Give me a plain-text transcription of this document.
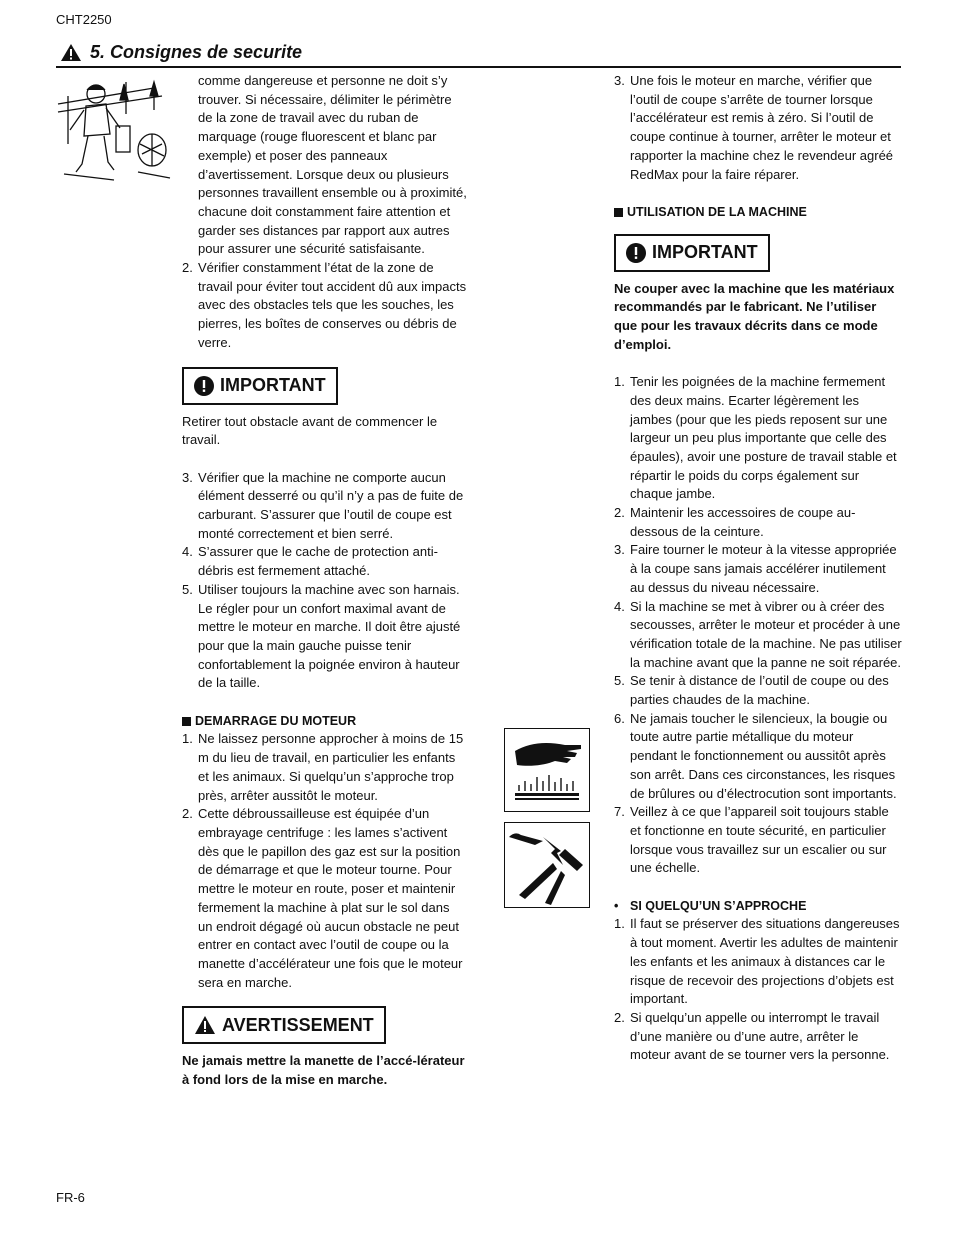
CHT2250
5. Consignes de securite

comme dangereuse et personne ne doit s’y trouver. Si nécessaire, délimiter le périmètre de la zone de travail avec du ruban de marquage (rouge fluorescent et blanc par exemple) et poser des panneaux d’avertissement. Lorsque deux ou plusieurs personnes travaillent ensemble ou à proximité, chacune doit constamment faire attention et garder ses distances par rapport aux autres pour assurer une sécurité satisfaisante.

2. Vérifier constamment l’état de la zone de travail pour éviter tout accident dû aux impacts avec des obstacles tels que les souches, les pierres, les boîtes de conserves ou débris de verre.
IMPORTANT

Retirer tout obstacle avant de commencer le travail.

3. Vérifier que la machine ne comporte aucun élément desserré ou qu’il n’y a pas de fuite de carburant. S’assurer que l’outil de coupe est monté correctement et bien serré.
4. S’assurer que le cache de protection anti-débris est fermement attaché.
5. Utiliser toujours la machine avec son harnais. Le régler pour un confort maximal avant de mettre le moteur en marche. Il doit être ajusté pour que la main gauche puisse tenir confortablement la poignée environ à hauteur de la taille.
DEMARRAGE DU MOTEUR
1. Ne laissez personne approcher à moins de 15 m du lieu de travail, en particulier les enfants et les animaux. Si quelqu’un s’approche trop près, arrêter aussitôt le moteur.
2. Cette débroussailleuse est équipée d’un embrayage centrifuge : les lames s’activent dès que le papillon des gaz est sur la position de démarrage et que le moteur tourne. Pour mettre le moteur en route, poser et maintenir fermement la machine à plat sur le sol dans un endroit dégagé où aucun obstacle ne peut entrer en contact avec l’outil de coupe ou la manette d’accélérateur une fois que le moteur sera en marche.
AVERTISSEMENT

Ne jamais mettre la manette de l’accé-lérateur à fond lors de la mise en marche.

3. Une fois le moteur en marche, vérifier que l’outil de coupe s’arrête de tourner lorsque l’accélérateur est remis à zéro. Si l’outil de coupe continue à tourner, arrêter le moteur et rapporter la machine chez le revendeur agréé RedMax pour la faire réparer.
UTILISATION DE LA MACHINE
IMPORTANT

Ne couper avec la machine que les matériaux recommandés par le fabricant. Ne l’utiliser que pour les travaux décrits dans ce mode d’emploi.

1. Tenir les poignées de la machine fermement des deux mains. Ecarter légèrement les jambes (pour que les pieds reposent sur une largeur un peu plus importante que celle des épaules), avoir une posture de travail stable et répartir le poids du corps également sur chaque jambe.
2. Maintenir les accessoires de coupe au-dessous de la ceinture.
3. Faire tourner le moteur à la vitesse appropriée à la coupe sans jamais accélérer inutilement au dessus du niveau nécessaire.
4. Si la machine se met à vibrer ou à créer des secousses, arrêter le moteur et procéder à une vérification totale de la machine. Ne pas utiliser la machine avant que la panne ne soit réparée.
5. Se tenir à distance de l’outil de coupe ou des parties chaudes de la machine.
6. Ne jamais toucher le silencieux, la bougie ou toute autre partie métallique du moteur pendant le fonctionnement ou aussitôt après son arrêt. Dans ces circonstances, les risques de brûlures ou d’électrocution sont importants.
7. Veillez à ce que l’appareil soit toujours stable et fonctionne en toute sécurité, en particulier lorsque vous travaillez sur un escalier ou sur une échelle.
• SI QUELQU’UN S’APPROCHE
1. Il faut se préserver des situations dangereuses à tout moment. Avertir les adultes de maintenir les enfants et les animaux à distances car le risque de recevoir des projections d’objets est important.
2. Si quelqu’un appelle ou interrompt le travail d’une manière ou d’une autre, arrêter le moteur avant de se tourner vers la personne.
FR-6
